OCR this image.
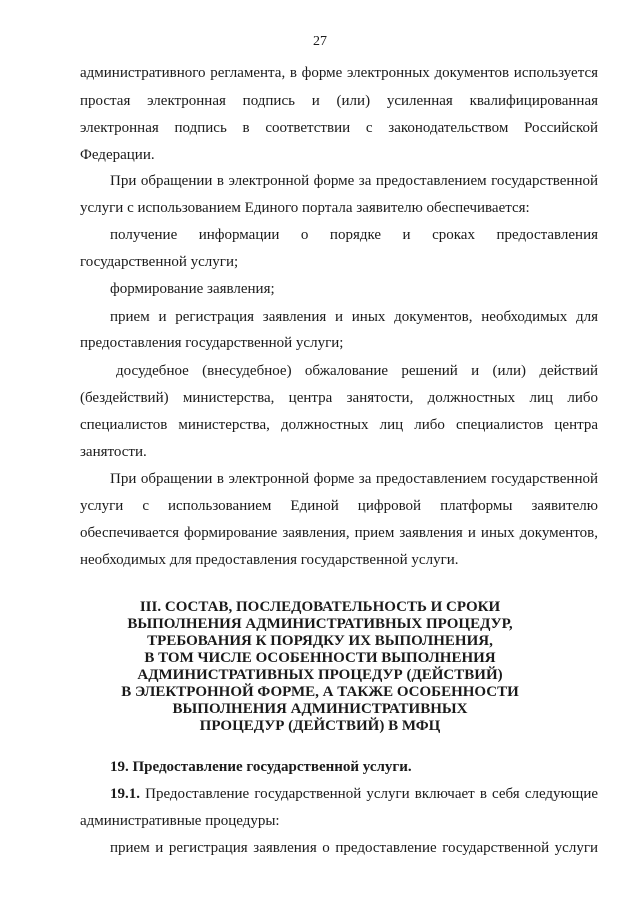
27
административного регламента, в форме электронных документов используется
простая электронная подпись и (или) усиленная квалифицированная
электронная подпись в соответствии с законодательством Российской
Федерации.
При обращении в электронной форме за предоставлением государственной
услуги с использованием Единого портала заявителю обеспечивается:
получение информации о порядке и сроках предоставления
государственной услуги;
формирование заявления;
прием и регистрация заявления и иных документов, необходимых для
предоставления государственной услуги;
досудебное (внесудебное) обжалование решений и (или) действий
(бездействий) министерства, центра занятости, должностных лиц либо
специалистов министерства, должностных лиц либо специалистов центра
занятости.
При обращении в электронной форме за предоставлением государственной
услуги с использованием Единой цифровой платформы заявителю
обеспечивается формирование заявления, прием заявления и иных документов,
необходимых для предоставления государственной услуги.
III. СОСТАВ, ПОСЛЕДОВАТЕЛЬНОСТЬ И СРОКИ
ВЫПОЛНЕНИЯ АДМИНИСТРАТИВНЫХ ПРОЦЕДУР,
ТРЕБОВАНИЯ К ПОРЯДКУ ИХ ВЫПОЛНЕНИЯ,
В ТОМ ЧИСЛЕ ОСОБЕННОСТИ ВЫПОЛНЕНИЯ
АДМИНИСТРАТИВНЫХ ПРОЦЕДУР (ДЕЙСТВИЙ)
В ЭЛЕКТРОННОЙ ФОРМЕ, А ТАКЖЕ ОСОБЕННОСТИ
ВЫПОЛНЕНИЯ АДМИНИСТРАТИВНЫХ
ПРОЦЕДУР (ДЕЙСТВИЙ) В МФЦ
19. Предоставление государственной услуги.
19.1. Предоставление государственной услуги включает в себя следующие
административные процедуры:
прием и регистрация заявления о предоставление государственной услуги
